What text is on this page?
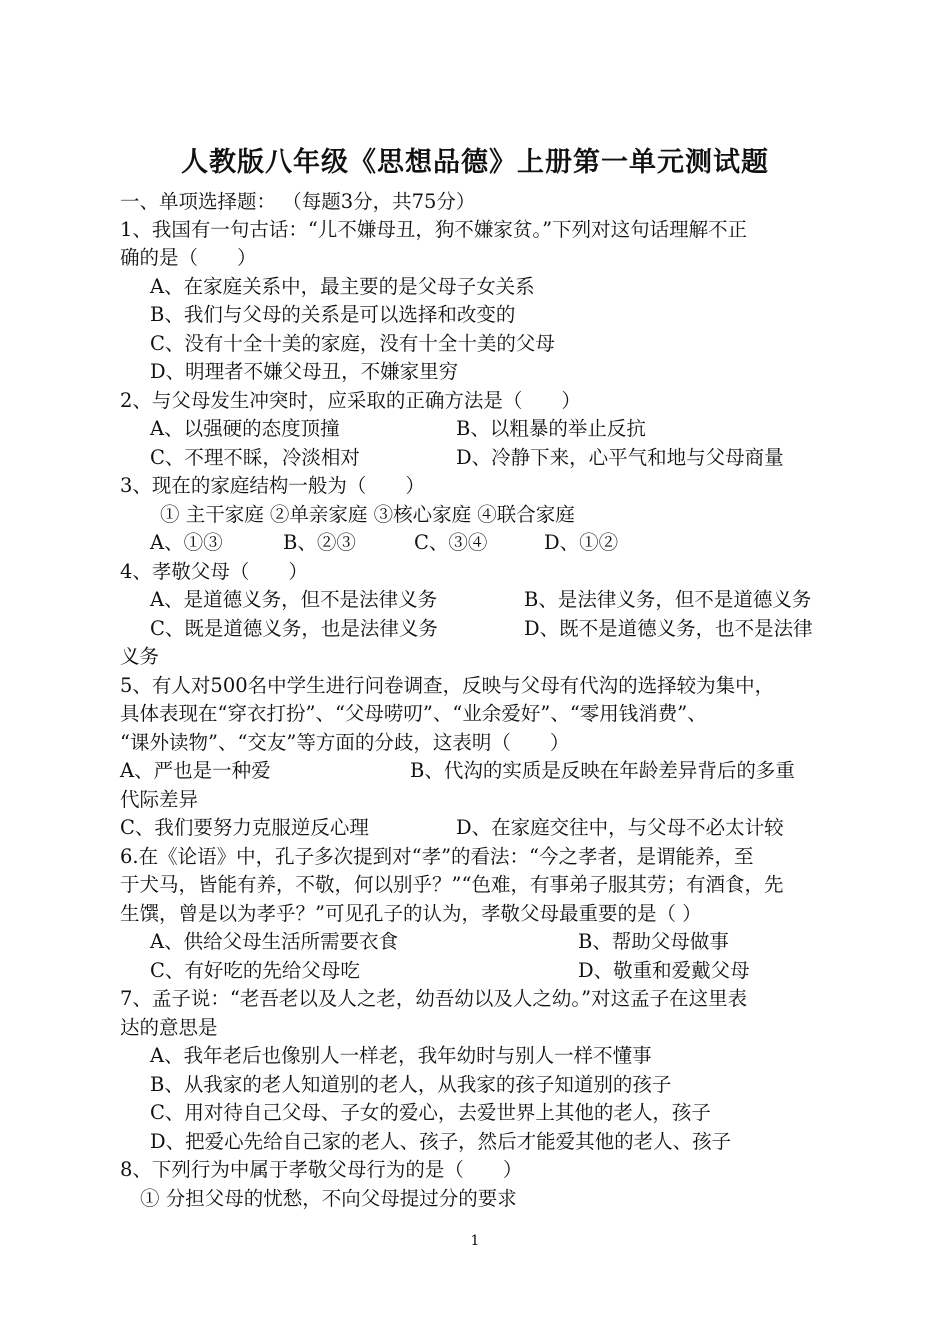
人教版八年级《思想品德》上册第一单元测试题
一、单项选择题： （每题3分，共75分）
1、我国有一句古话：“儿不嫌母丑，狗不嫌家贫。”下列对这句话理解不正
确的是（　　）
A、在家庭关系中，最主要的是父母子女关系
B、我们与父母的关系是可以选择和改变的
C、没有十全十美的家庭，没有十全十美的父母
D、明理者不嫌父母丑，不嫌家里穷
2、与父母发生冲突时，应采取的正确方法是（　　）
A、以强硬的态度顶撞	B、以粗暴的举止反抗
C、不理不睬，冷淡相对	D、冷静下来，心平气和地与父母商量
3、现在的家庭结构一般为（　　）
① 主干家庭 ②单亲家庭 ③核心家庭 ④联合家庭
A、①③	B、②③	C、③④	D、①②
4、孝敬父母（　　）
A、是道德义务，但不是法律义务	B、是法律义务，但不是道德义务
C、既是道德义务，也是法律义务	D、既不是道德义务，也不是法律
义务
5、有人对500名中学生进行问卷调查，反映与父母有代沟的选择较为集中，
具体表现在“穿衣打扮”、“父母唠叨”、“业余爱好”、“零用钱消费”、
“课外读物”、“交友”等方面的分歧，这表明（　　）
A、严也是一种爱	B、代沟的实质是反映在年龄差异背后的多重
代际差异
C、我们要努力克服逆反心理	D、在家庭交往中，与父母不必太计较
6.在《论语》中，孔子多次提到对“孝”的看法：“今之孝者，是谓能养，至
于犬马，皆能有养，不敬，何以别乎？”“色难，有事弟子服其劳；有酒食，先
生馔，曾是以为孝乎？”可见孔子的认为，孝敬父母最重要的是（ ）
A、供给父母生活所需要衣食	B、帮助父母做事
C、有好吃的先给父母吃	D、敬重和爱戴父母
7、孟子说：“老吾老以及人之老，幼吾幼以及人之幼。”对这孟子在这里表
达的意思是
A、我年老后也像别人一样老，我年幼时与别人一样不懂事
B、从我家的老人知道别的老人，从我家的孩子知道别的孩子
C、用对待自己父母、子女的爱心，去爱世界上其他的老人，孩子
D、把爱心先给自己家的老人、孩子，然后才能爱其他的老人、孩子
8、下列行为中属于孝敬父母行为的是（　　）
① 分担父母的忧愁，不向父母提过分的要求
1
